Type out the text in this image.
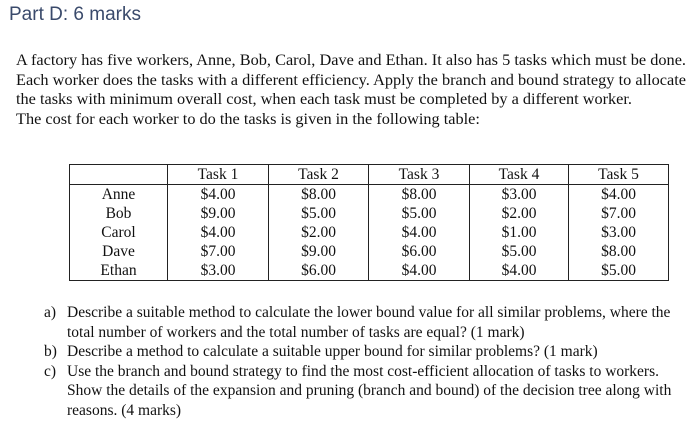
Part D: 6 marks

A factory has five workers, Anne, Bob, Carol, Dave and Ethan. It also has 5 tasks which must be done. Each worker does the tasks with a different efficiency. Apply the branch and bound strategy to allocate the tasks with minimum overall cost, when each task must be completed by a different worker.

The cost for each worker to do the tasks is given in the following table:

	Task 1	Task 2	Task 3	Task 4	Task 5
Anne	$4.00	$8.00	$8.00	$3.00	$4.00
Bob	$9.00	$5.00	$5.00	$2.00	$7.00
Carol	$4.00	$2.00	$4.00	$1.00	$3.00
Dave	$7.00	$9.00	$6.00	$5.00	$8.00
Ethan	$3.00	$6.00	$4.00	$4.00	$5.00
a) Describe a suitable method to calculate the lower bound value for all similar problems, where the total number of workers and the total number of tasks are equal? (1 mark)
b) Describe a method to calculate a suitable upper bound for similar problems? (1 mark)
c) Use the branch and bound strategy to find the most cost-efficient allocation of tasks to workers. Show the details of the expansion and pruning (branch and bound) of the decision tree along with reasons. (4 marks)
